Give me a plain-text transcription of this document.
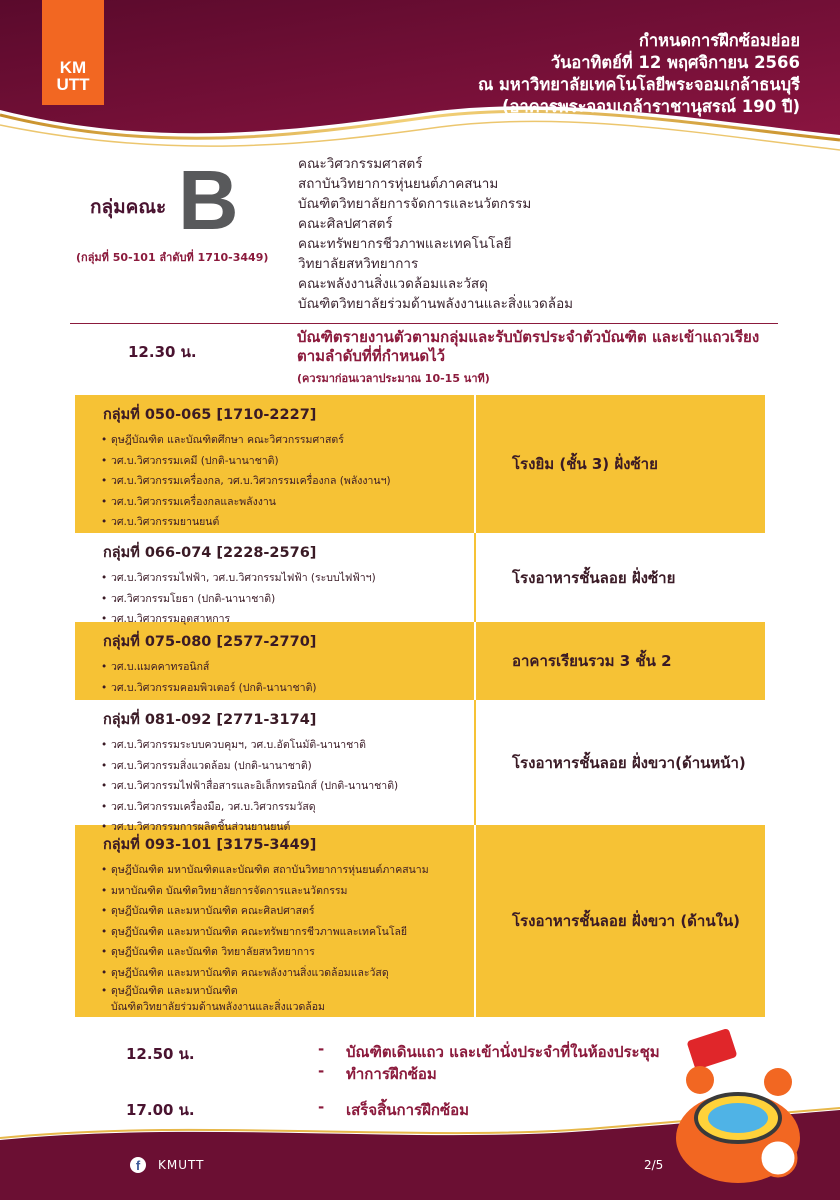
KM
UTT
กำหนดการฝึกซ้อมย่อย
วันอาทิตย์ที่ 12 พฤศจิกายน 2566
ณ มหาวิทยาลัยเทคโนโลยีพระจอมเกล้าธนบุรี
(อาคารพระจอมเกล้าราชานุสรณ์ 190 ปี)
กลุ่มคณะ B
(กลุ่มที่ 50-101 ลำดับที่ 1710-3449)
คณะวิศวกรรมศาสตร์
สถาบันวิทยาการหุ่นยนต์ภาคสนาม
บัณฑิตวิทยาลัยการจัดการและนวัตกรรม
คณะศิลปศาสตร์
คณะทรัพยากรชีวภาพและเทคโนโลยี
วิทยาลัยสหวิทยาการ
คณะพลังงานสิ่งแวดล้อมและวัสดุ
บัณฑิตวิทยาลัยร่วมด้านพลังงานและสิ่งแวดล้อม
12.30 น.
บัณฑิตรายงานตัวตามกลุ่มและรับบัตรประจำตัวบัณฑิต และเข้าแถวเรียงตามลำดับที่ที่กำหนดไว้
(ควรมาก่อนเวลาประมาณ 10-15 นาที)
กลุ่มที่ 050-065 [1710-2227]
• ดุษฎีบัณฑิต และบัณฑิตศึกษา คณะวิศวกรรมศาสตร์
• วศ.บ.วิศวกรรมเคมี (ปกติ-นานาชาติ)
• วศ.บ.วิศวกรรมเครื่องกล, วศ.บ.วิศวกรรมเครื่องกล (พลังงานฯ)
• วศ.บ.วิศวกรรมเครื่องกลและพลังงาน
• วศ.บ.วิศวกรรมยานยนต์
โรงยิม (ชั้น 3) ฝั่งซ้าย
กลุ่มที่ 066-074 [2228-2576]
• วศ.บ.วิศวกรรมไฟฟ้า, วศ.บ.วิศวกรรมไฟฟ้า (ระบบไฟฟ้าฯ)
• วศ.วิศวกรรมโยธา (ปกติ-นานาชาติ)
• วศ.บ.วิศวกรรมอุตสาหการ
โรงอาหารชั้นลอย ฝั่งซ้าย
กลุ่มที่ 075-080 [2577-2770]
• วศ.บ.แมคคาทรอนิกส์
• วศ.บ.วิศวกรรมคอมพิวเตอร์ (ปกติ-นานาชาติ)
อาคารเรียนรวม 3 ชั้น 2
กลุ่มที่ 081-092 [2771-3174]
• วศ.บ.วิศวกรรมระบบควบคุมฯ, วศ.บ.อัตโนมัติ-นานาชาติ
• วศ.บ.วิศวกรรมสิ่งแวดล้อม (ปกติ-นานาชาติ)
• วศ.บ.วิศวกรรมไฟฟ้าสื่อสารและอิเล็กทรอนิกส์ (ปกติ-นานาชาติ)
• วศ.บ.วิศวกรรมเครื่องมือ, วศ.บ.วิศวกรรมวัสดุ
• วศ.บ.วิศวกรรมการผลิตชิ้นส่วนยานยนต์
โรงอาหารชั้นลอย ฝั่งขวา(ด้านหน้า)
กลุ่มที่ 093-101 [3175-3449]
• ดุษฎีบัณฑิต มหาบัณฑิตและบัณฑิต สถาบันวิทยาการหุ่นยนต์ภาคสนาม
• มหาบัณฑิต บัณฑิตวิทยาลัยการจัดการและนวัตกรรม
• ดุษฎีบัณฑิต และมหาบัณฑิต คณะศิลปศาสตร์
• ดุษฎีบัณฑิต และมหาบัณฑิต คณะทรัพยากรชีวภาพและเทคโนโลยี
• ดุษฎีบัณฑิต และบัณฑิต วิทยาลัยสหวิทยาการ
• ดุษฎีบัณฑิต และมหาบัณฑิต คณะพลังงานสิ่งแวดล้อมและวัสดุ
• ดุษฎีบัณฑิต และมหาบัณฑิต
บัณฑิตวิทยาลัยร่วมด้านพลังงานและสิ่งแวดล้อม
โรงอาหารชั้นลอย ฝั่งขวา (ด้านใน)
12.50 น.	- บัณฑิตเดินแถว และเข้านั่งประจำที่ในห้องประชุม
- ทำการฝึกซ้อม
17.00 น.	- เสร็จสิ้นการฝึกซ้อม
f	KMUTT	2/5
